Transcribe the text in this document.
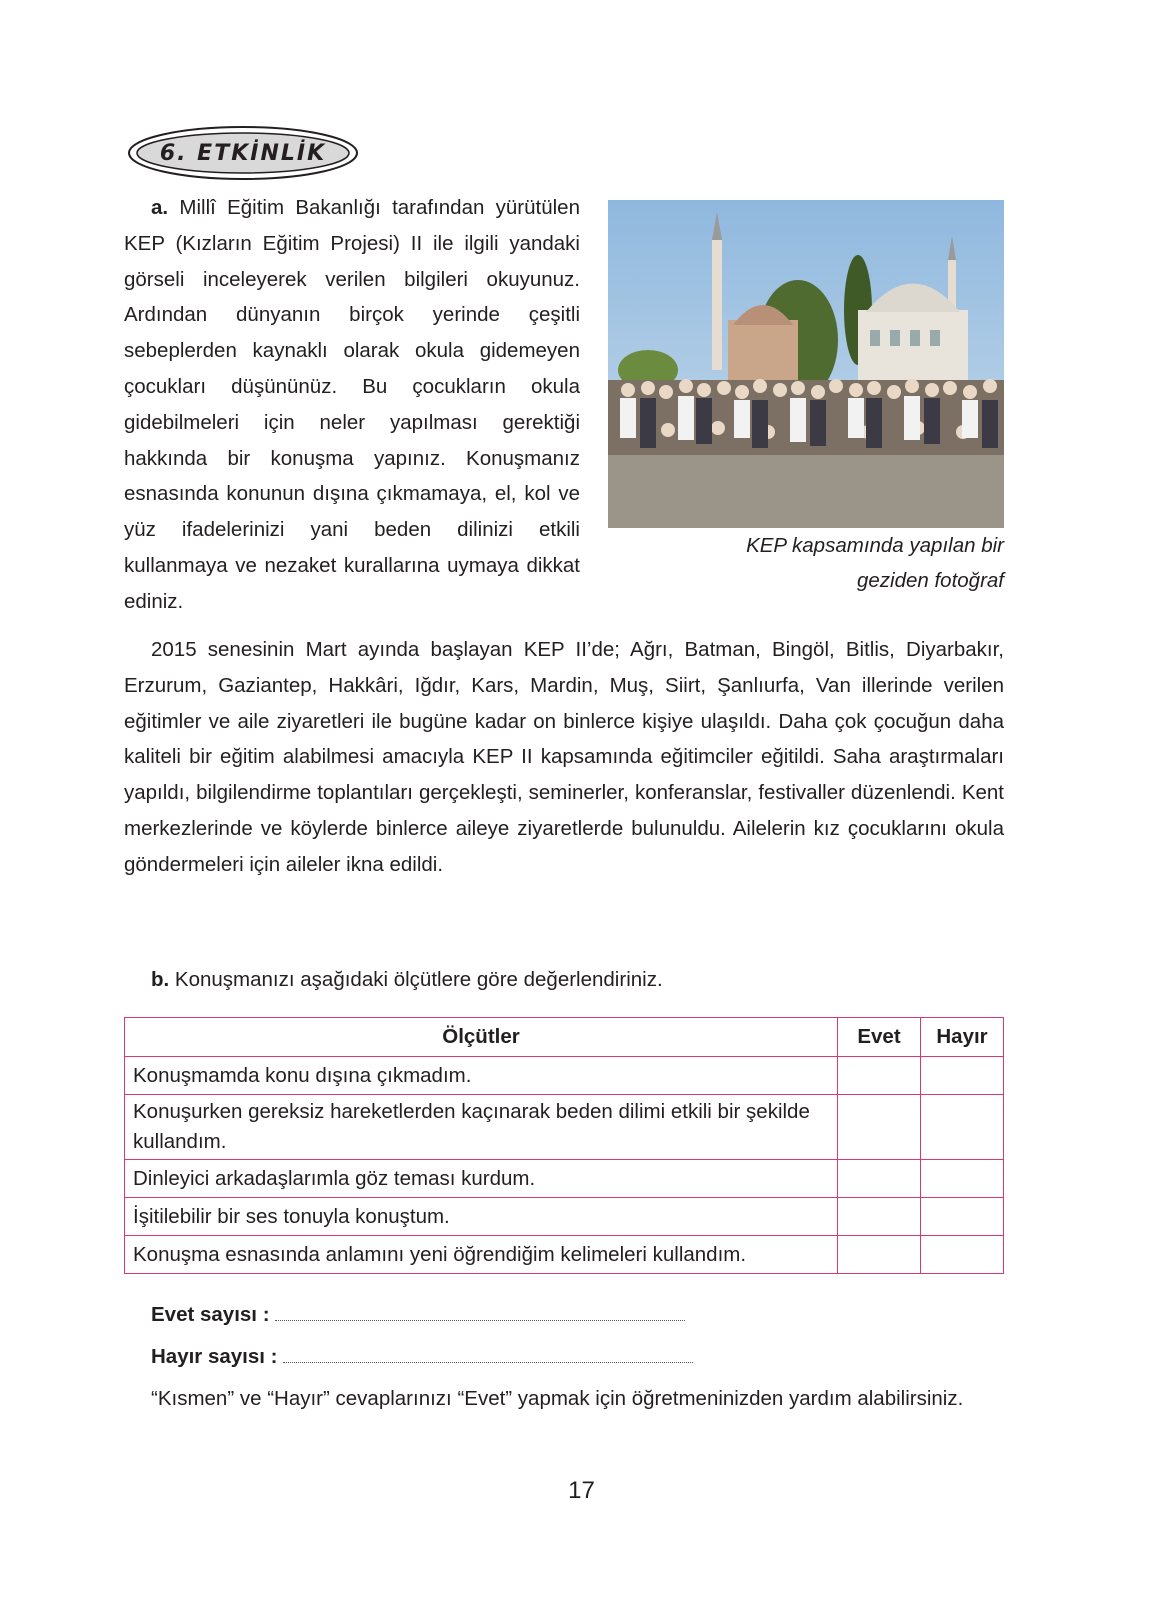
6. ETKİNLİK
a. Millî Eğitim Bakanlığı tarafından yürütülen KEP (Kızların Eğitim Projesi) II ile ilgili yandaki görseli inceleyerek verilen bilgileri okuyunuz. Ardından dünyanın birçok yerinde çeşitli sebeplerden kaynaklı olarak okula gidemeyen çocukları düşününüz. Bu çocukların okula gidebilmeleri için neler yapılması gerektiği hakkında bir konuşma yapınız. Konuşmanız esnasında konunun dışına çıkmamaya, el, kol ve yüz ifadelerinizi yani beden dilinizi etkili kullanmaya ve nezaket kurallarına uymaya dikkat ediniz.
KEP kapsamında yapılan bir
geziden fotoğraf
2015 senesinin Mart ayında başlayan KEP II’de; Ağrı, Batman, Bingöl, Bitlis, Diyarbakır, Erzurum, Gaziantep, Hakkâri, Iğdır, Kars, Mardin, Muş, Siirt, Şanlıurfa, Van illerinde verilen eğitimler ve aile ziyaretleri ile bugüne kadar on binlerce kişiye ulaşıldı. Daha çok çocuğun daha kaliteli bir eğitim alabilmesi amacıyla KEP II kapsamında eğitimciler eğitildi. Saha araştırmaları yapıldı, bilgilendirme toplantıları gerçekleşti, seminerler, konferanslar, festivaller düzenlendi. Kent merkezlerinde ve köylerde binlerce aileye ziyaretlerde bulunuldu. Ailelerin kız çocuklarını okula göndermeleri için aileler ikna edildi.
b. Konuşmanızı aşağıdaki ölçütlere göre değerlendiriniz.
Ölçütler	Evet	Hayır
Konuşmamda konu dışına çıkmadım.		
Konuşurken gereksiz hareketlerden kaçınarak beden dilimi etkili bir şekilde kullandım.		
Dinleyici arkadaşlarımla göz teması kurdum.		
İşitilebilir bir ses tonuyla konuştum.		
Konuşma esnasında anlamını yeni öğrendiğim kelimeleri kullandım.		
Evet sayısı :
Hayır sayısı :
“Kısmen” ve “Hayır” cevaplarınızı “Evet” yapmak için öğretmeninizden yardım alabilirsiniz.
17
